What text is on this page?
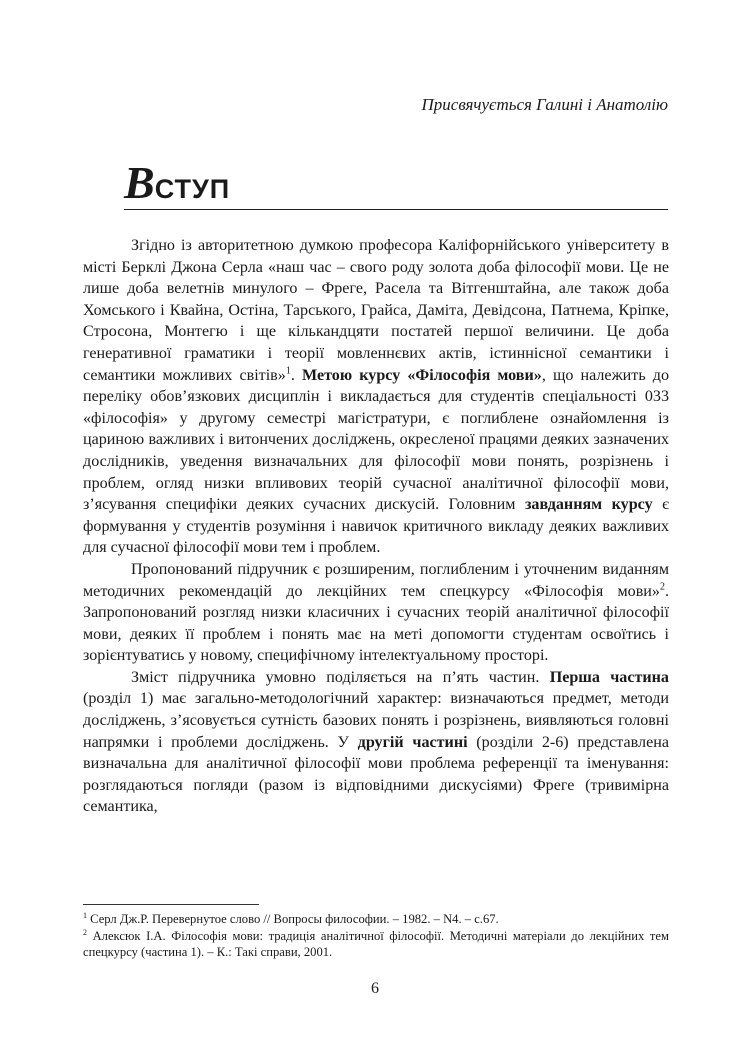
Присвячується Галині і Анатолію
ВСТУП

Згідно із авторитетною думкою професора Каліфорнійського університету в місті Берклі Джона Серла «наш час – свого роду золота доба філософії мови. Це не лише доба велетнів минулого – Фреге, Расела та Вітгенштайна, але також доба Хомського і Квайна, Остіна, Тарського, Грайса, Даміта, Девідсона, Патнема, Кріпке, Стросона, Монтегю і ще кількандцяти постатей першої величини. Це доба генеративної граматики і теорії мовленнєвих актів, істиннісної семантики і семантики можливих світів»$^1$. Метою курсу «Філософія мови», що належить до переліку обов’язкових дисциплін і викладається для студентів спеціальності 033 «філософія» у другому семестрі магістратури, є поглиблене ознайомлення із цариною важливих і витончених досліджень, окресленої працями деяких зазначених дослідників, уведення визначальних для філософії мови понять, розрізнень і проблем, огляд низки впливових теорій сучасної аналітичної філософії мови, з’ясування специфіки деяких сучасних дискусій. Головним завданням курсу є формування у студентів розуміння і навичок критичного викладу деяких важливих для сучасної філософії мови тем і проблем.

Пропонований підручник є розширеним, поглибленим і уточненим виданням методичних рекомендацій до лекційних тем спецкурсу «Філософія мови»$^2$. Запропонований розгляд низки класичних і сучасних теорій аналітичної філософії мови, деяких її проблем і понять має на меті допомогти студентам освоїтись і зорієнтуватись у новому, специфічному інтелектуальному просторі.

Зміст підручника умовно поділяється на п’ять частин. Перша частина (розділ 1) має загально-методологічний характер: визначаються предмет, методи досліджень, з’ясовується сутність базових понять і розрізнень, виявляються головні напрямки і проблеми досліджень. У другій частині (розділи 2-6) представлена визначальна для аналітичної філософії мови проблема референції та іменування: розглядаються погляди (разом із відповідними дискусіями) Фреге (тривимірна семантика,

$^1$ Серл Дж.Р. Перевернутое слово // Вопросы философии. – 1982. – N4. – с.67.

$^2$ Алексюк І.А. Філософія мови: традиція аналітичної філософії. Методичні матеріали до лекційних тем спецкурсу (частина 1). – К.: Такі справи, 2001.

6
